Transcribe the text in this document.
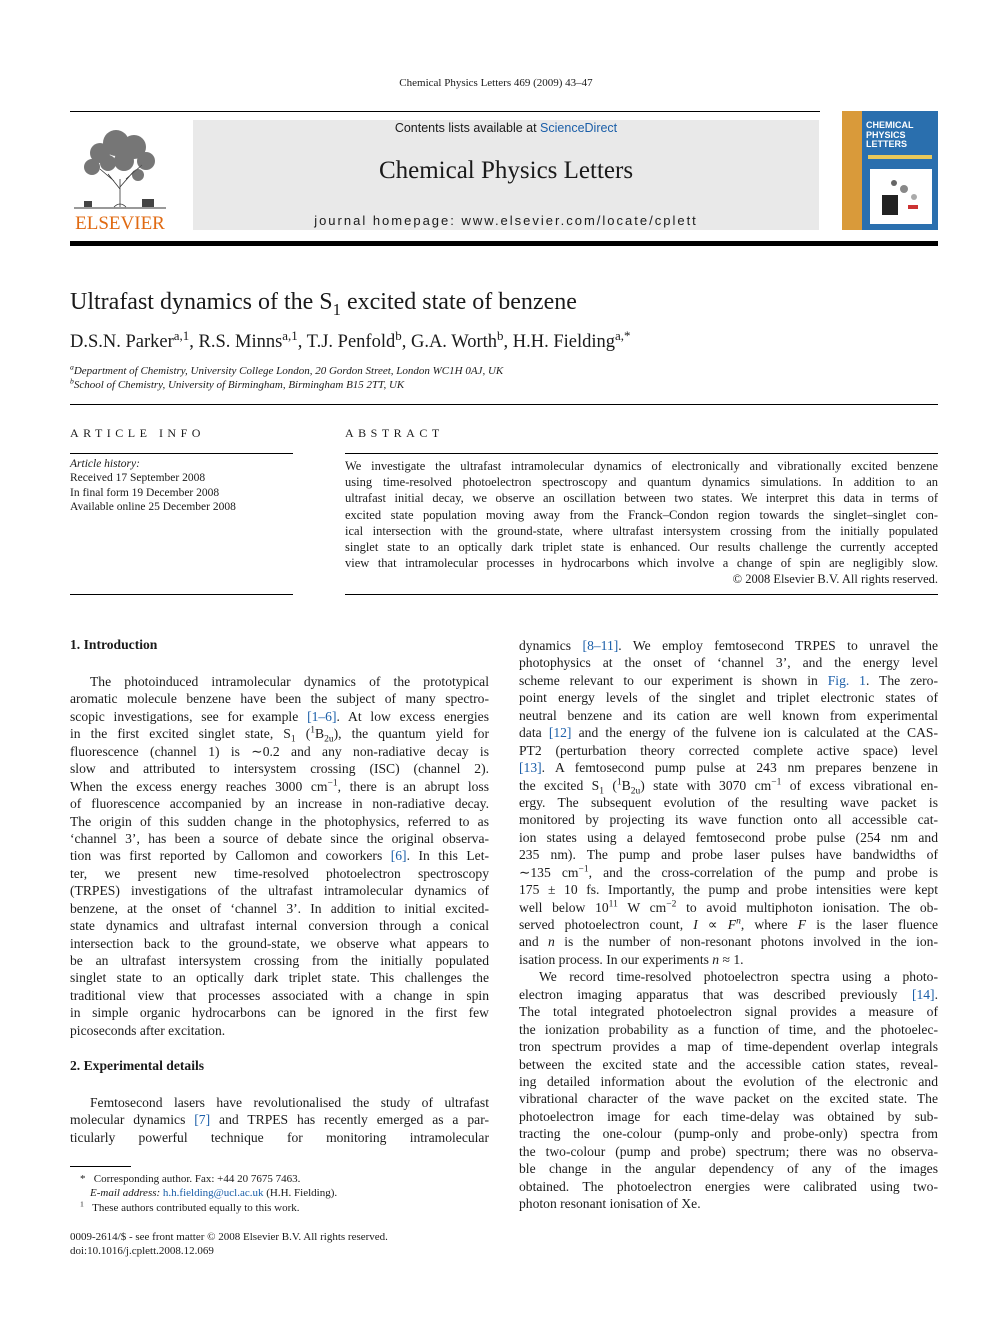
Chemical Physics Letters 469 (2009) 43–47
ELSEVIER
Contents lists available at ScienceDirect
Chemical Physics Letters
journal homepage: www.elsevier.com/locate/cplett
CHEMICAL
PHYSICS
LETTERS
Ultrafast dynamics of the $S_1$ excited state of benzene
D.S.N. Parker$^{a,1}$, R.S. Minns$^{a,1}$, T.J. Penfold$^b$, G.A. Worth$^b$, H.H. Fielding$^{a,*}$
$^a$Department of Chemistry, University College London, 20 Gordon Street, London WC1H 0AJ, UK
$^b$School of Chemistry, University of Birmingham, Birmingham B15 2TT, UK
ARTICLE INFO	ABSTRACT
Article history:
Received 17 September 2008
In final form 19 December 2008
Available online 25 December 2008
We investigate the ultrafast intramolecular dynamics of electronically and vibrationally excited benzene
using time-resolved photoelectron spectroscopy and quantum dynamics simulations. In addition to an
ultrafast initial decay, we observe an oscillation between two states. We interpret this data in terms of
excited state population moving away from the Franck–Condon region towards the singlet–singlet con-
ical intersection with the ground-state, where ultrafast intersystem crossing from the initially populated
singlet state to an optically dark triplet state is enhanced. Our results challenge the currently accepted
view that intramolecular processes in hydrocarbons which involve a change of spin are negligibly slow.
© 2008 Elsevier B.V. All rights reserved.
1. Introduction
The photoinduced intramolecular dynamics of the prototypical
aromatic molecule benzene have been the subject of many spectro-
scopic investigations, see for example [1–6]. At low excess energies
in the first excited singlet state, $S_1$ $(^1B_{2u})$, the quantum yield for
fluorescence (channel 1) is ∼0.2 and any non-radiative decay is
slow and attributed to intersystem crossing (ISC) (channel 2).
When the excess energy reaches 3000 $cm^{-1}$, there is an abrupt loss
of fluorescence accompanied by an increase in non-radiative decay.
The origin of this sudden change in the photophysics, referred to as
‘channel 3’, has been a source of debate since the original observa-
tion was first reported by Callomon and coworkers [6]. In this Let-
ter, we present new time-resolved photoelectron spectroscopy
(TRPES) investigations of the ultrafast intramolecular dynamics of
benzene, at the onset of ‘channel 3’. In addition to initial excited-
state dynamics and ultrafast internal conversion through a conical
intersection back to the ground-state, we observe what appears to
be an ultrafast intersystem crossing from the initially populated
singlet state to an optically dark triplet state. This challenges the
traditional view that processes associated with a change in spin
in simple organic hydrocarbons can be ignored in the first few
picoseconds after excitation.
2. Experimental details
Femtosecond lasers have revolutionalised the study of ultrafast
molecular dynamics [7] and TRPES has recently emerged as a par-
ticularly powerful technique for monitoring intramolecular
dynamics [8–11]. We employ femtosecond TRPES to unravel the
photophysics at the onset of ‘channel 3’, and the energy level
scheme relevant to our experiment is shown in Fig. 1. The zero-
point energy levels of the singlet and triplet electronic states of
neutral benzene and its cation are well known from experimental
data [12] and the energy of the fulvene ion is calculated at the CAS-
PT2 (perturbation theory corrected complete active space) level
[13]. A femtosecond pump pulse at 243 nm prepares benzene in
the excited $S_1$ $(^1B_{2u})$ state with 3070 $cm^{-1}$ of excess vibrational en-
ergy. The subsequent evolution of the resulting wave packet is
monitored by projecting its wave function onto all accessible cat-
ion states using a delayed femtosecond probe pulse (254 nm and
235 nm). The pump and probe laser pulses have bandwidths of
∼135 $cm^{-1}$, and the cross-correlation of the pump and probe is
175 ± 10 fs. Importantly, the pump and probe intensities were kept
well below $10^{11}$ W $cm^{-2}$ to avoid multiphoton ionisation. The ob-
served photoelectron count, $I \propto F^n$, where F is the laser fluence
and n is the number of non-resonant photons involved in the ion-
isation process. In our experiments n ≈ 1.
We record time-resolved photoelectron spectra using a photo-
electron imaging apparatus that was described previously [14].
The total integrated photoelectron signal provides a measure of
the ionization probability as a function of time, and the photoelec-
tron spectrum provides a map of time-dependent overlap integrals
between the excited state and the accessible cation states, reveal-
ing detailed information about the evolution of the electronic and
vibrational character of the wave packet on the excited state. The
photoelectron image for each time-delay was obtained by sub-
tracting the one-colour (pump-only and probe-only) spectra from
the two-colour (pump and probe) spectrum; there was no observa-
ble change in the angular dependency of any of the images
obtained. The photoelectron energies were calibrated using two-
photon resonant ionisation of Xe.
* Corresponding author. Fax: +44 20 7675 7463.
E-mail address: h.h.fielding@ucl.ac.uk (H.H. Fielding).
$^1$ These authors contributed equally to this work.
0009-2614/$ - see front matter © 2008 Elsevier B.V. All rights reserved.
doi:10.1016/j.cplett.2008.12.069
